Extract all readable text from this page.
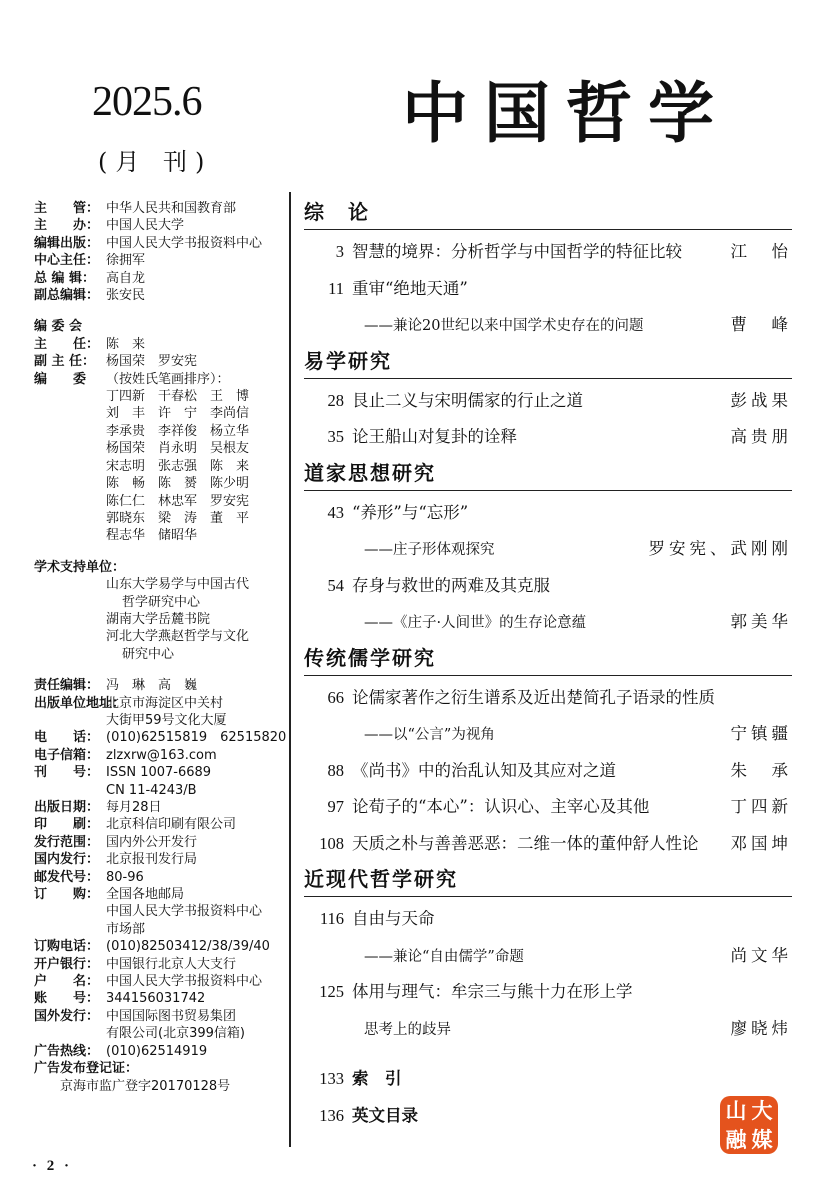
2025.6
(月 刊)
中国哲学
主　　管： 中华人民共和国教育部
主　　办： 中国人民大学
编辑出版： 中国人民大学书报资料中心
中心主任： 徐拥军
总 编 辑： 高自龙
副总编辑： 张安民
编 委 会
主　　任： 陈　来
副 主 任： 杨国荣　罗安宪
编　　委	（按姓氏笔画排序）：
丁四新　干春松　王　博
刘　丰　许　宁　李尚信
李承贵　李祥俊　杨立华
杨国荣　肖永明　吴根友
宋志明　张志强　陈　来
陈　畅　陈　赟　陈少明
陈仁仁　林忠军　罗安宪
郭晓东　梁　涛　董　平
程志华　储昭华
学术支持单位：
山东大学易学与中国古代
哲学研究中心
湖南大学岳麓书院
河北大学燕赵哲学与文化
研究中心
责任编辑： 冯　琳　高　巍
出版单位地址：
北京市海淀区中关村
大街甲59号文化大厦
电　　话： (010)62515819　62515820
电子信箱： zlzxrw@163.com
刊　　号： ISSN 1007-6689
CN 11-4243/B
出版日期： 每月28日
印　　刷： 北京科信印刷有限公司
发行范围： 国内外公开发行
国内发行： 北京报刊发行局
邮发代号： 80-96
订　　购： 全国各地邮局
中国人民大学书报资料中心
市场部
订购电话： (010)82503412/38/39/40
开户银行： 中国银行北京人大支行
户　　名： 中国人民大学书报资料中心
账　　号： 344156031742
国外发行： 中国国际图书贸易集团
有限公司(北京399信箱)
广告热线： (010)62514919
广告发布登记证：
京海市监广登字20170128号
综　论
3 智慧的境界：分析哲学与中国哲学的特征比较	江　怡
11 重审“绝地天通”
——兼论20世纪以来中国学术史存在的问题	曹　峰
易学研究
28 艮止二义与宋明儒家的行止之道	彭战果
35 论王船山对复卦的诠释	高贵朋
道家思想研究
43 “养形”与“忘形”
——庄子形体观探究	罗安宪、武刚刚
54 存身与救世的两难及其克服
——《庄子·人间世》的生存论意蕴	郭美华
传统儒学研究
66 论儒家著作之衍生谱系及近出楚简孔子语录的性质
——以“公言”为视角	宁镇疆
88 《尚书》中的治乱认知及其应对之道	朱　承
97 论荀子的“本心”：认识心、主宰心及其他	丁四新
108 天质之朴与善善恶恶：二维一体的董仲舒人性论	邓国坤
近现代哲学研究
116 自由与天命
——兼论“自由儒学”命题	尚文华
125 体用与理气：牟宗三与熊十力在形上学
思考上的歧异	廖晓炜
133 索　引
136 英文目录
· 2 ·
山 大
融 媒
